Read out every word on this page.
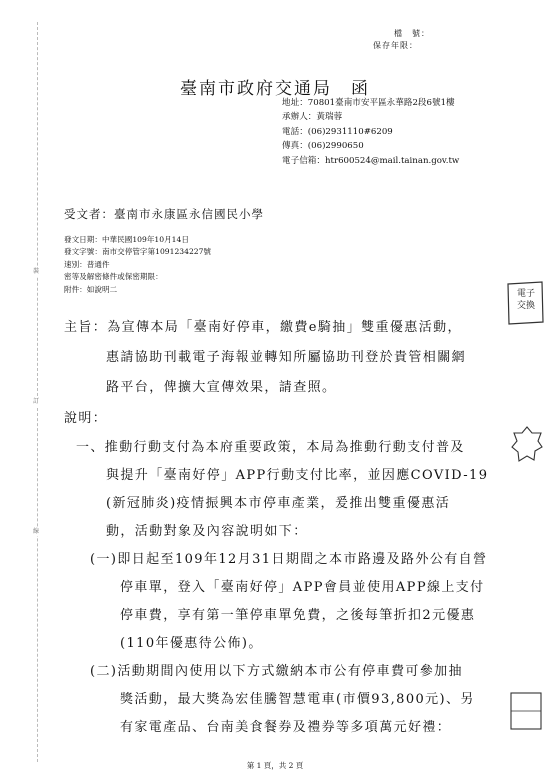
裝
訂
線
檔　號：
保存年限：
臺南市政府交通局　函
地址：70801臺南市安平區永華路2段6號1樓
承辦人：黃瑞蓉
電話：(06)2931110#6209
傳真：(06)2990650
電子信箱：htr600524@mail.tainan.gov.tw
受文者：臺南市永康區永信國民小學
發文日期：中華民國109年10月14日
發文字號：南市交停管字第1091234227號
速別：普通件
密等及解密條件或保密期限：
附件：如說明二	電子
交換
主旨：為宣傳本局「臺南好停車，繳費e騎抽」雙重優惠活動，
惠請協助刊載電子海報並轉知所屬協助刊登於貴管相關網
路平台，俾擴大宣傳效果，請查照。
說明：
一、推動行動支付為本府重要政策，本局為推動行動支付普及
與提升「臺南好停」APP行動支付比率，並因應COVID-19
(新冠肺炎)疫情振興本市停車產業，爰推出雙重優惠活
動，活動對象及內容說明如下：
(一)即日起至109年12月31日期間之本市路邊及路外公有自營
停車單，登入「臺南好停」APP會員並使用APP線上支付
停車費，享有第一筆停車單免費，之後每筆折扣2元優惠
(110年優惠待公佈)。
(二)活動期間內使用以下方式繳納本市公有停車費可參加抽
獎活動，最大獎為宏佳騰智慧電車(市價93,800元)、另
有家電產品、台南美食餐券及禮券等多項萬元好禮：
第 1 頁，共 2 頁
